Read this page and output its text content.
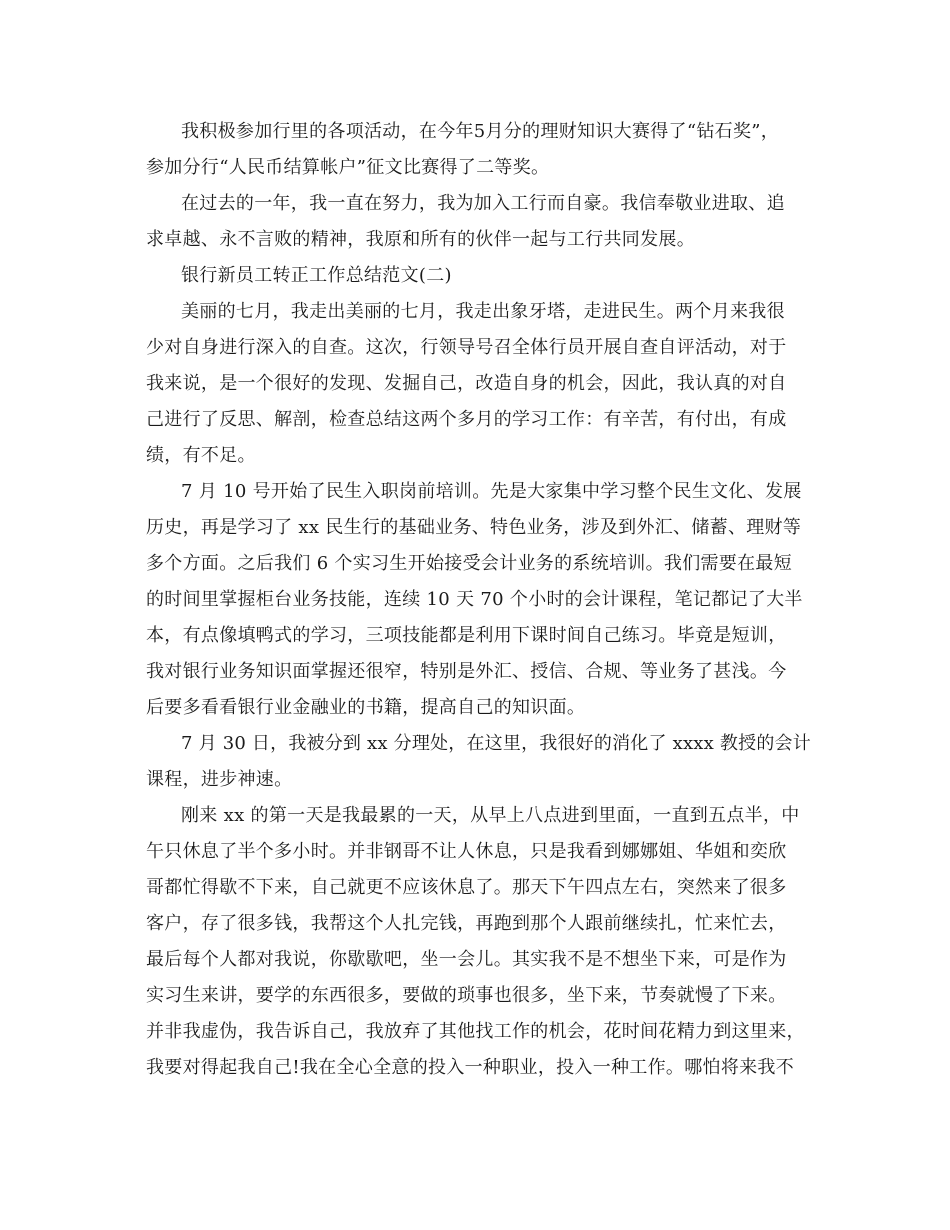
我积极参加行里的各项活动，在今年5月分的理财知识大赛得了“钻石奖”，
参加分行“人民币结算帐户”征文比赛得了二等奖。
在过去的一年，我一直在努力，我为加入工行而自豪。我信奉敬业进取、追
求卓越、永不言败的精神，我原和所有的伙伴一起与工行共同发展。
银行新员工转正工作总结范文(二)
美丽的七月，我走出美丽的七月，我走出象牙塔，走进民生。两个月来我很
少对自身进行深入的自查。这次，行领导号召全体行员开展自查自评活动，对于
我来说，是一个很好的发现、发掘自己，改造自身的机会，因此，我认真的对自
己进行了反思、解剖，检查总结这两个多月的学习工作：有辛苦，有付出，有成
绩，有不足。
7 月 10 号开始了民生入职岗前培训。先是大家集中学习整个民生文化、发展
历史，再是学习了 xx 民生行的基础业务、特色业务，涉及到外汇、储蓄、理财等
多个方面。之后我们 6 个实习生开始接受会计业务的系统培训。我们需要在最短
的时间里掌握柜台业务技能，连续 10 天 70 个小时的会计课程，笔记都记了大半
本，有点像填鸭式的学习，三项技能都是利用下课时间自己练习。毕竟是短训，
我对银行业务知识面掌握还很窄，特别是外汇、授信、合规、等业务了甚浅。今
后要多看看银行业金融业的书籍，提高自己的知识面。
7 月 30 日，我被分到 xx 分理处，在这里，我很好的消化了 xxxx 教授的会计
课程，进步神速。
刚来 xx 的第一天是我最累的一天，从早上八点进到里面，一直到五点半，中
午只休息了半个多小时。并非钢哥不让人休息，只是我看到娜娜姐、华姐和奕欣
哥都忙得歇不下来，自己就更不应该休息了。那天下午四点左右，突然来了很多
客户，存了很多钱，我帮这个人扎完钱，再跑到那个人跟前继续扎，忙来忙去，
最后每个人都对我说，你歇歇吧，坐一会儿。其实我不是不想坐下来，可是作为
实习生来讲，要学的东西很多，要做的琐事也很多，坐下来，节奏就慢了下来。
并非我虚伪，我告诉自己，我放弃了其他找工作的机会，花时间花精力到这里来，
我要对得起我自己!我在全心全意的投入一种职业，投入一种工作。哪怕将来我不
